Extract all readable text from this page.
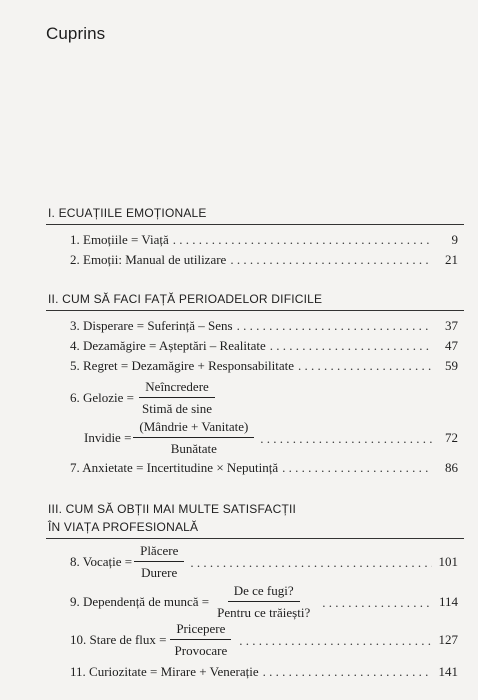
Cuprins
I. ECUAȚIILE EMOȚIONALE
1. Emoțiile = Viață . . .	9
2. Emoții: Manual de utilizare . . .	21
II. CUM SĂ FACI FAȚĂ PERIOADELOR DIFICILE
3. Disperare = Suferință – Sens . . .	37
4. Dezamăgire = Așteptări – Realitate . . .	47
5. Regret = Dezamăgire + Responsabilitate . . .	59
6. Gelozie = $\frac{\text{Neîncredere}}{\text{Stimă de sine}}$
Invidie = $\frac{\text{(Mândrie + Vanitate)}}{\text{Bunătate}}$ . . .	72
7. Anxietate = Incertitudine × Neputință . . .	86
III. CUM SĂ OBȚII MAI MULTE SATISFACȚII
ÎN VIAȚA PROFESIONALĂ
8. Vocație = $\frac{\text{Plăcere}}{\text{Durere}}$ . . .	101
9. Dependență de muncă = $\frac{\text{De ce fugi?}}{\text{Pentru ce trăiești?}}$ . . .	114
10. Stare de flux = $\frac{\text{Pricepere}}{\text{Provocare}}$ . . .	127
11. Curiozitate = Mirare + Venerație . . .	141
